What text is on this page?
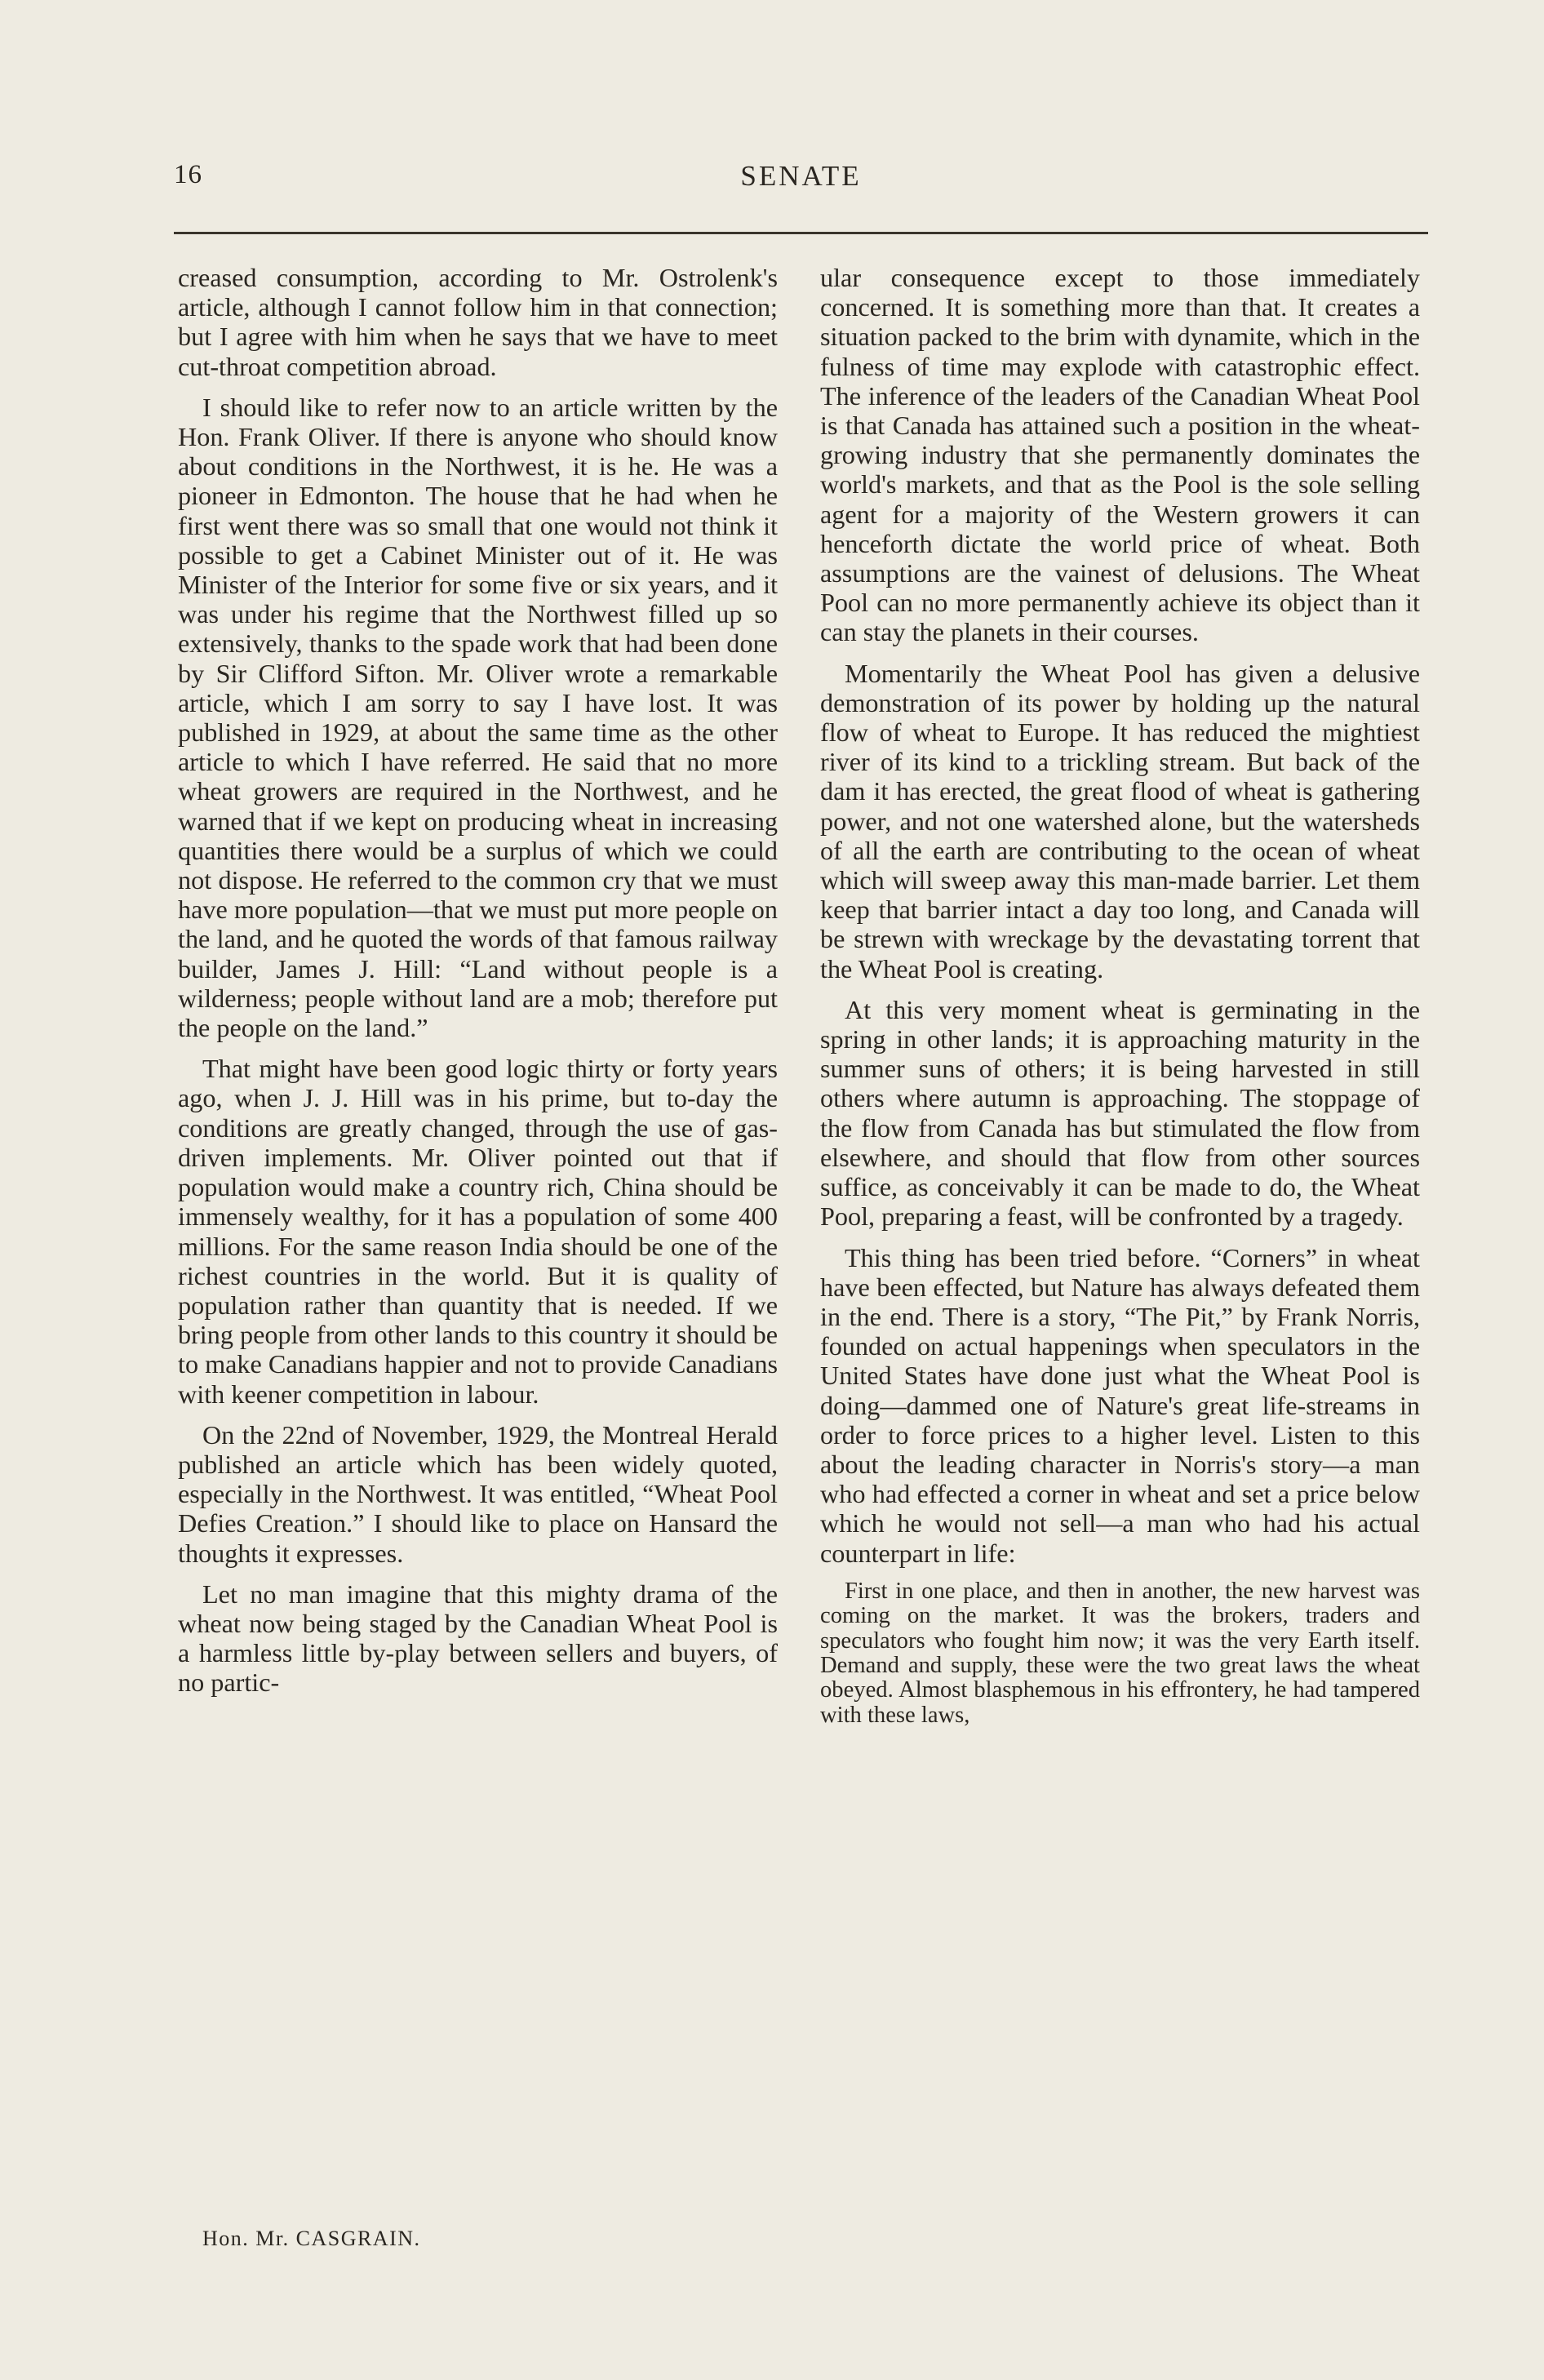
16	SENATE

creased consumption, according to Mr. Ostrolenk's article, although I cannot follow him in that connection; but I agree with him when he says that we have to meet cut-throat competition abroad.

I should like to refer now to an article written by the Hon. Frank Oliver. If there is anyone who should know about conditions in the Northwest, it is he. He was a pioneer in Edmonton. The house that he had when he first went there was so small that one would not think it possible to get a Cabinet Minister out of it. He was Minister of the Interior for some five or six years, and it was under his regime that the Northwest filled up so extensively, thanks to the spade work that had been done by Sir Clifford Sifton. Mr. Oliver wrote a remarkable article, which I am sorry to say I have lost. It was published in 1929, at about the same time as the other article to which I have referred. He said that no more wheat growers are required in the Northwest, and he warned that if we kept on producing wheat in increasing quantities there would be a surplus of which we could not dispose. He referred to the common cry that we must have more population—that we must put more people on the land, and he quoted the words of that famous railway builder, James J. Hill: “Land without people is a wilderness; people without land are a mob; therefore put the people on the land.”

That might have been good logic thirty or forty years ago, when J. J. Hill was in his prime, but to-day the conditions are greatly changed, through the use of gas-driven implements. Mr. Oliver pointed out that if population would make a country rich, China should be immensely wealthy, for it has a population of some 400 millions. For the same reason India should be one of the richest countries in the world. But it is quality of population rather than quantity that is needed. If we bring people from other lands to this country it should be to make Canadians happier and not to provide Canadians with keener competition in labour.

On the 22nd of November, 1929, the Montreal Herald published an article which has been widely quoted, especially in the Northwest. It was entitled, “Wheat Pool Defies Creation.” I should like to place on Hansard the thoughts it expresses.

Let no man imagine that this mighty drama of the wheat now being staged by the Canadian Wheat Pool is a harmless little by-play between sellers and buyers, of no partic-

ular consequence except to those immediately concerned. It is something more than that. It creates a situation packed to the brim with dynamite, which in the fulness of time may explode with catastrophic effect. The inference of the leaders of the Canadian Wheat Pool is that Canada has attained such a position in the wheat-growing industry that she permanently dominates the world's markets, and that as the Pool is the sole selling agent for a majority of the Western growers it can henceforth dictate the world price of wheat. Both assumptions are the vainest of delusions. The Wheat Pool can no more permanently achieve its object than it can stay the planets in their courses.

Momentarily the Wheat Pool has given a delusive demonstration of its power by holding up the natural flow of wheat to Europe. It has reduced the mightiest river of its kind to a trickling stream. But back of the dam it has erected, the great flood of wheat is gathering power, and not one watershed alone, but the watersheds of all the earth are contributing to the ocean of wheat which will sweep away this man-made barrier. Let them keep that barrier intact a day too long, and Canada will be strewn with wreckage by the devastating torrent that the Wheat Pool is creating.

At this very moment wheat is germinating in the spring in other lands; it is approaching maturity in the summer suns of others; it is being harvested in still others where autumn is approaching. The stoppage of the flow from Canada has but stimulated the flow from elsewhere, and should that flow from other sources suffice, as conceivably it can be made to do, the Wheat Pool, preparing a feast, will be confronted by a tragedy.

This thing has been tried before. “Corners” in wheat have been effected, but Nature has always defeated them in the end. There is a story, “The Pit,” by Frank Norris, founded on actual happenings when speculators in the United States have done just what the Wheat Pool is doing—dammed one of Nature's great life-streams in order to force prices to a higher level. Listen to this about the leading character in Norris's story—a man who had effected a corner in wheat and set a price below which he would not sell—a man who had his actual counterpart in life:

First in one place, and then in another, the new harvest was coming on the market. It was the brokers, traders and speculators who fought him now; it was the very Earth itself. Demand and supply, these were the two great laws the wheat obeyed. Almost blasphemous in his effrontery, he had tampered with these laws,

Hon. Mr. CASGRAIN.
